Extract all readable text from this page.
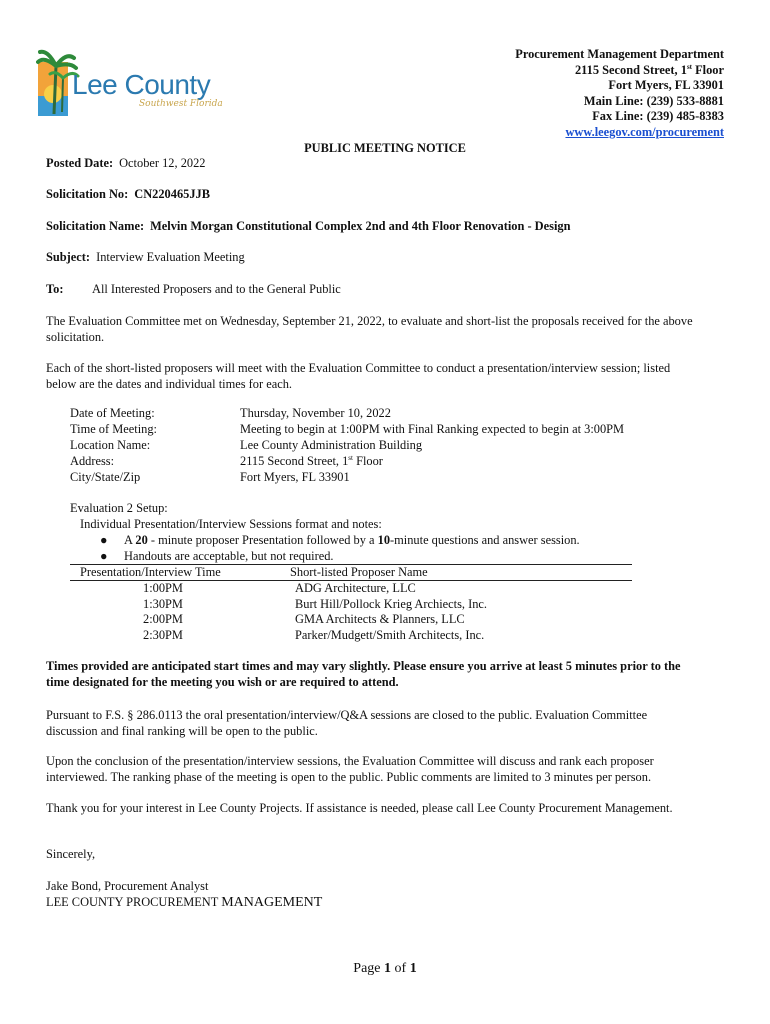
Lee County
Southwest Florida
Procurement Management Department
2115 Second Street, 1st Floor
Fort Myers, FL 33901
Main Line: (239) 533-8881
Fax Line: (239) 485-8383
www.leegov.com/procurement
PUBLIC MEETING NOTICE
Posted Date: October 12, 2022
Solicitation No: CN220465JJB
Solicitation Name: Melvin Morgan Constitutional Complex 2nd and 4th Floor Renovation - Design
Subject: Interview Evaluation Meeting
To: All Interested Proposers and to the General Public

The Evaluation Committee met on Wednesday, September 21, 2022, to evaluate and short-list the proposals received for the above solicitation.

Each of the short-listed proposers will meet with the Evaluation Committee to conduct a presentation/interview session; listed below are the dates and individual times for each.

Date of Meeting:	Thursday, November 10, 2022
Time of Meeting:	Meeting to begin at 1:00PM with Final Ranking expected to begin at 3:00PM
Location Name:	Lee County Administration Building
Address:	2115 Second Street, 1st Floor
City/State/Zip	Fort Myers, FL 33901
Evaluation 2 Setup:
Individual Presentation/Interview Sessions format and notes:
●	A 20 - minute proposer Presentation followed by a 10-minute questions and answer session.
●	Handouts are acceptable, but not required.
Presentation/Interview Time	Short-listed Proposer Name
1:00PM	ADG Architecture, LLC
1:30PM	Burt Hill/Pollock Krieg Archiects, Inc.
2:00PM	GMA Architects & Planners, LLC
2:30PM	Parker/Mudgett/Smith Architects, Inc.

Times provided are anticipated start times and may vary slightly. Please ensure you arrive at least 5 minutes prior to the time designated for the meeting you wish or are required to attend.

Pursuant to F.S. § 286.0113 the oral presentation/interview/Q&A sessions are closed to the public. Evaluation Committee discussion and final ranking will be open to the public.

Upon the conclusion of the presentation/interview sessions, the Evaluation Committee will discuss and rank each proposer interviewed. The ranking phase of the meeting is open to the public. Public comments are limited to 3 minutes per person.

Thank you for your interest in Lee County Projects. If assistance is needed, please call Lee County Procurement Management.

Sincerely,
Jake Bond, Procurement Analyst
LEE COUNTY PROCUREMENT MANAGEMENT
Page 1 of 1
